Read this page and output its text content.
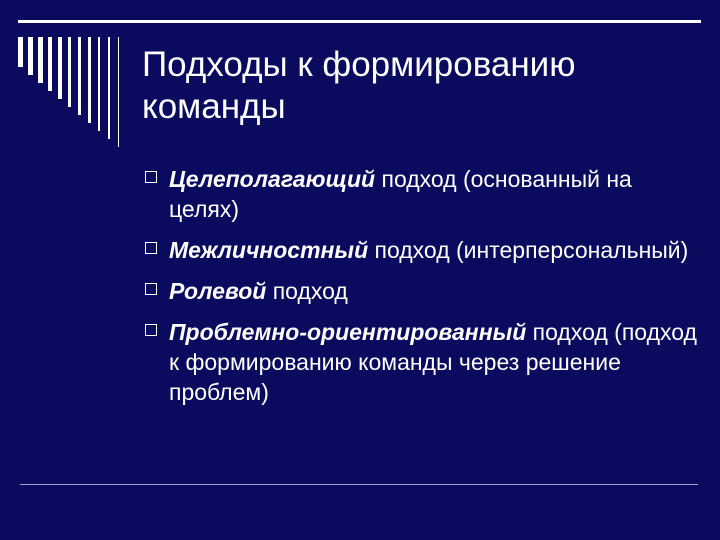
Подходы к формированию команды
Целеполагающий подход (основанный на целях)
Межличностный подход (интерперсональный)
Ролевой подход
Проблемно-ориентированный подход (подход к формированию команды через решение проблем)
